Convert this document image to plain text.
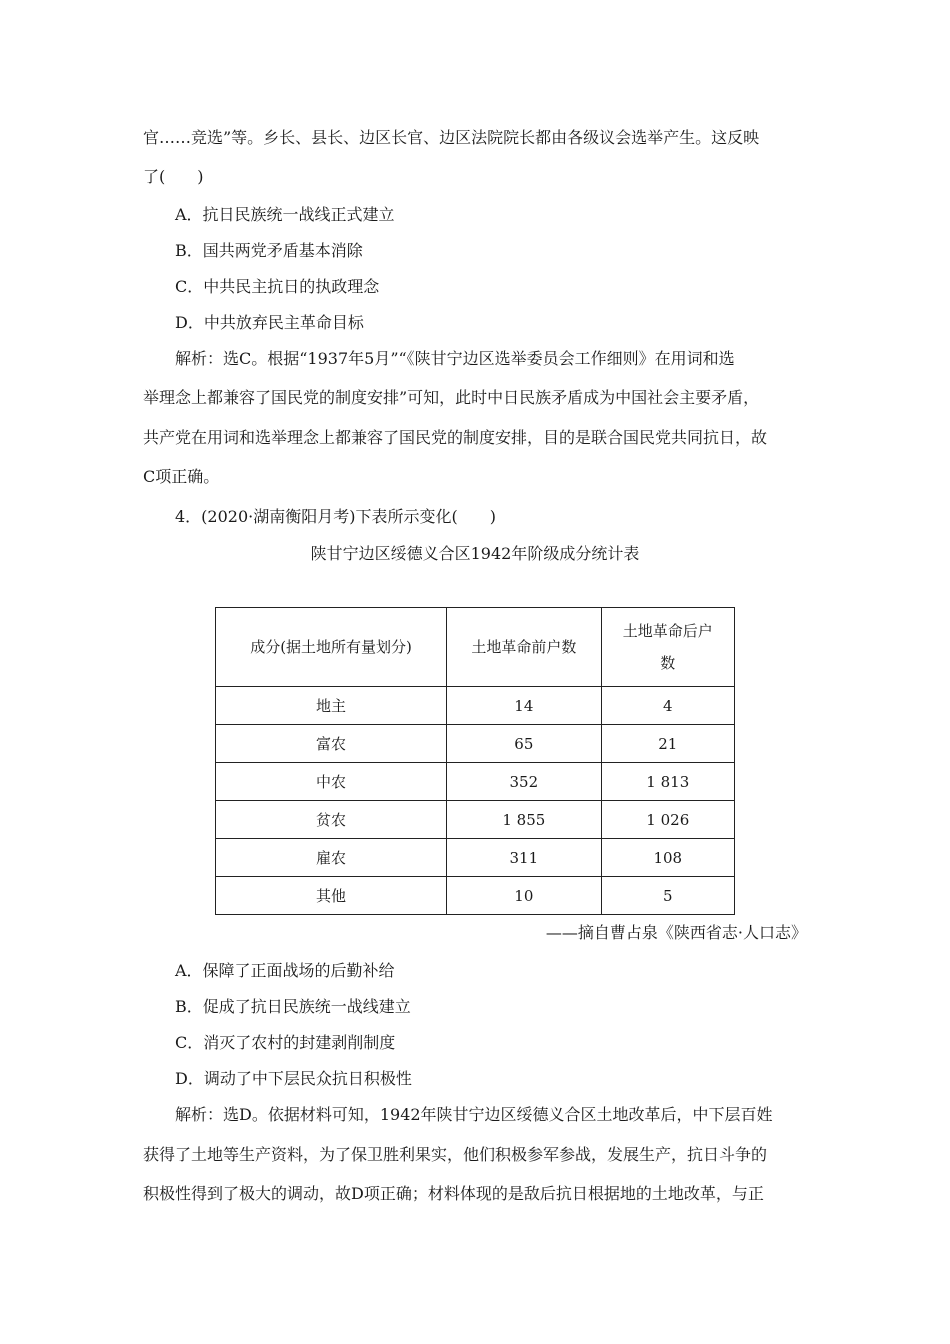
官……竞选”等。乡长、县长、边区长官、边区法院院长都由各级议会选举产生。这反映
了(　　)
A．抗日民族统一战线正式建立
B．国共两党矛盾基本消除
C．中共民主抗日的执政理念
D．中共放弃民主革命目标
解析：选C。根据“1937年5月”“《陕甘宁边区选举委员会工作细则》在用词和选
举理念上都兼容了国民党的制度安排”可知，此时中日民族矛盾成为中国社会主要矛盾，
共产党在用词和选举理念上都兼容了国民党的制度安排，目的是联合国民党共同抗日，故
C项正确。
4．(2020·湖南衡阳月考)下表所示变化(　　)
陕甘宁边区绥德义合区1942年阶级成分统计表
成分(据土地所有量划分)	土地革命前户数	土地革命后户数
地主	14	4
富农	65	21
中农	352	1 813
贫农	1 855	1 026
雇农	311	108
其他	10	5
——摘自曹占泉《陕西省志·人口志》
A．保障了正面战场的后勤补给
B．促成了抗日民族统一战线建立
C．消灭了农村的封建剥削制度
D．调动了中下层民众抗日积极性
解析：选D。依据材料可知，1942年陕甘宁边区绥德义合区土地改革后，中下层百姓
获得了土地等生产资料，为了保卫胜利果实，他们积极参军参战，发展生产，抗日斗争的
积极性得到了极大的调动，故D项正确；材料体现的是敌后抗日根据地的土地改革，与正
